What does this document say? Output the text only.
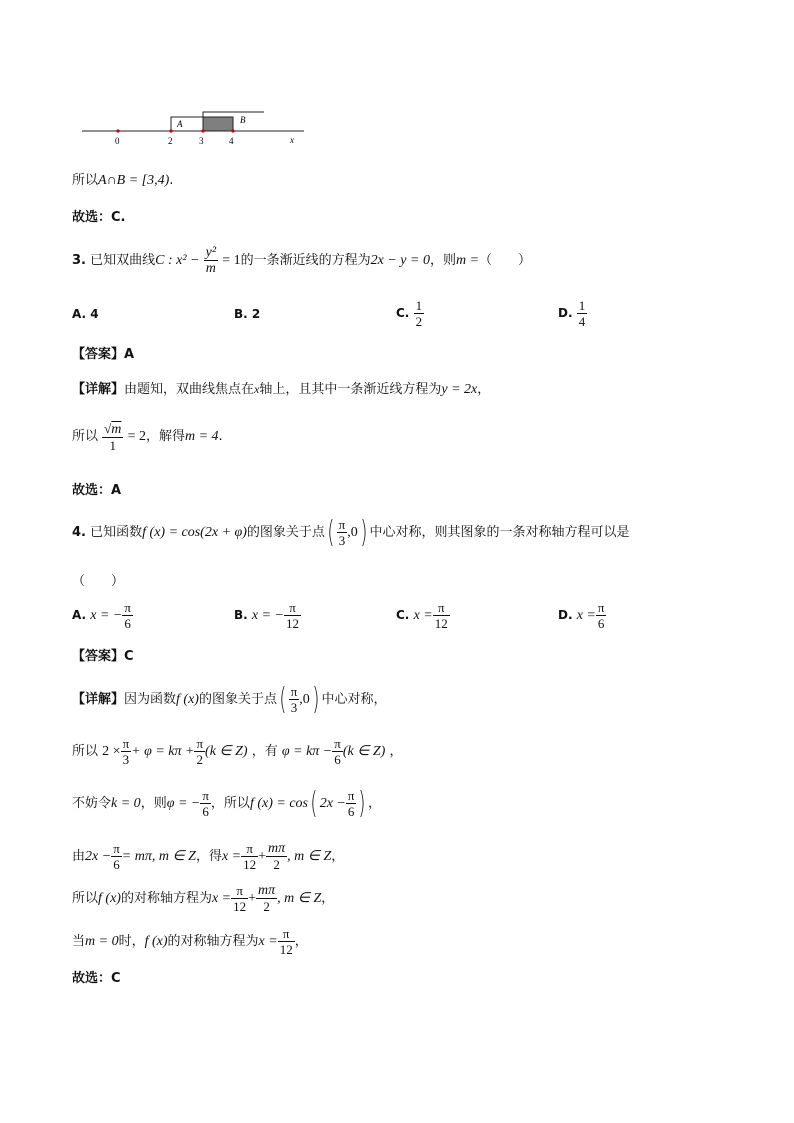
A	B
0	2	3	4	x
所以A∩B = [3,4).
故选：C.
3. 已知双曲线C : $x^2 - \frac{\text{y²}}{m} = 1$的一条渐近线的方程为2x − y = 0，则m =（　　）
A. 4	B. 2	C. $\frac{1}{2}$	D. $\frac{1}{4}$
【答案】A
【详解】由题知，双曲线焦点在x轴上，且其中一条渐近线方程为y = 2x，
所以 $\frac{√m}{1} = 2$，解得m = 4.
故选：A
4. 已知函数f (x) = cos(2x + φ)的图象关于点( $\frac{\pi}{3} ,0$) 中心对称，则其图象的一条对称轴方程可以是
（　　）
A. x = − $\frac{\pi}{6}$	B. x = − $\frac{\pi}{12}$	C. $x = \frac{\pi}{12}$	D. $x = \frac{\pi}{6}$
【答案】C
【详解】因为函数f (x)的图象关于点( $\frac{\pi}{3} ,0$) 中心对称，
所以 $2 \times \frac{\pi}{3} + \varphi = k\pi + \frac{\pi}{2} (k$ ∈ Z) ，有 $\varphi = k\pi - \frac{\pi}{6} (k$ ∈ Z) ，
不妨令k = 0，则φ = − $\frac{\pi}{6}$ ，所以f (x) = cos( $2x - \frac{\pi}{6}$ ) ，
由$2x - \frac{\pi}{6} = m\pi$, m ∈ Z，得$x = \frac{\pi}{12} + \frac{m\pi}{2}$ , m ∈ Z，
所以f (x)的对称轴方程为$x = \frac{\pi}{12} + \frac{m\pi}{2}$ , m ∈ Z，
当m = 0时，f (x)的对称轴方程为$x = \frac{\pi}{12}$ ，
故选：C
